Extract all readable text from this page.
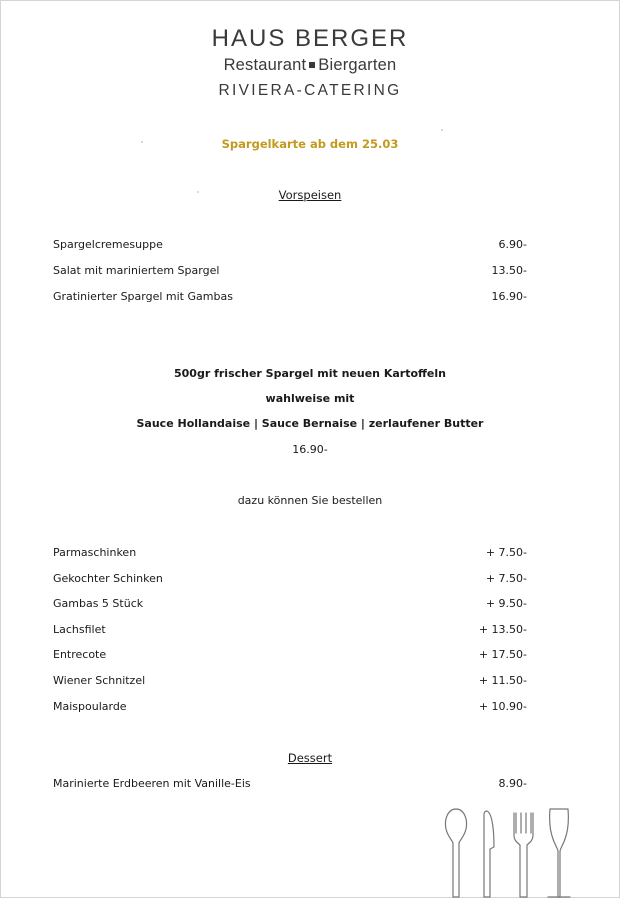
HAUS BERGER
Restaurant Biergarten
RIVIERA-CATERING
Spargelkarte ab dem 25.03
Vorspeisen
Spargelcremesuppe	6.90-
Salat mit mariniertem Spargel	13.50-
Gratinierter Spargel mit Gambas	16.90-
500gr frischer Spargel mit neuen Kartoffeln
wahlweise mit
Sauce Hollandaise | Sauce Bernaise | zerlaufener Butter
16.90-
dazu können Sie bestellen
Parmaschinken	+ 7.50-
Gekochter Schinken	+ 7.50-
Gambas 5 Stück	+ 9.50-
Lachsfilet	+ 13.50-
Entrecote	+ 17.50-
Wiener Schnitzel	+ 11.50-
Maispoularde	+ 10.90-
Dessert
Marinierte Erdbeeren mit Vanille-Eis	8.90-
